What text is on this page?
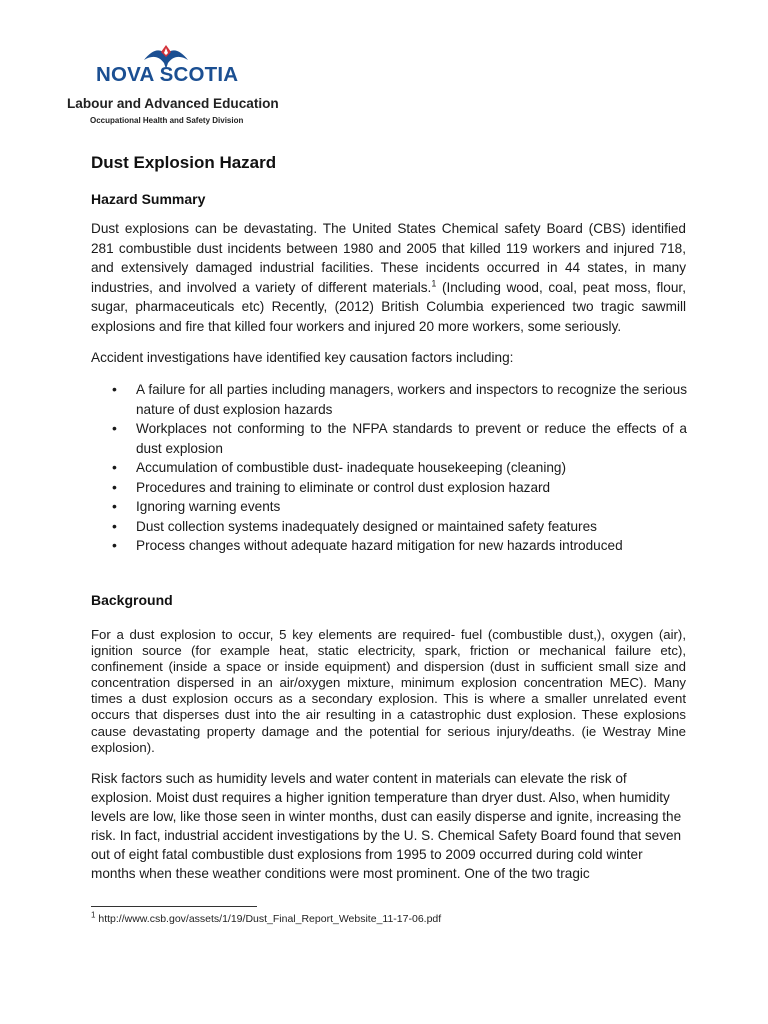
NOVA SCOTIA
Labour and Advanced Education
Occupational Health and Safety Division
Dust Explosion Hazard
Hazard Summary

Dust explosions can be devastating. The United States Chemical safety Board (CBS) identified 281 combustible dust incidents between 1980 and 2005 that killed 119 workers and injured 718, and extensively damaged industrial facilities. These incidents occurred in 44 states, in many industries, and involved a variety of different materials.$^1$ (Including wood, coal, peat moss, flour, sugar, pharmaceuticals etc) Recently, (2012) British Columbia experienced two tragic sawmill explosions and fire that killed four workers and injured 20 more workers, some seriously.

Accident investigations have identified key causation factors including:

• A failure for all parties including managers, workers and inspectors to recognize the serious nature of dust explosion hazards
• Workplaces not conforming to the NFPA standards to prevent or reduce the effects of a dust explosion
• Accumulation of combustible dust- inadequate housekeeping (cleaning)
• Procedures and training to eliminate or control dust explosion hazard
• Ignoring warning events
• Dust collection systems inadequately designed or maintained safety features
• Process changes without adequate hazard mitigation for new hazards introduced
Background

For a dust explosion to occur, 5 key elements are required- fuel (combustible dust,), oxygen (air), ignition source (for example heat, static electricity, spark, friction or mechanical failure etc), confinement (inside a space or inside equipment) and dispersion (dust in sufficient small size and concentration dispersed in an air/oxygen mixture, minimum explosion concentration MEC). Many times a dust explosion occurs as a secondary explosion. This is where a smaller unrelated event occurs that disperses dust into the air resulting in a catastrophic dust explosion. These explosions cause devastating property damage and the potential for serious injury/deaths. (ie Westray Mine explosion).

Risk factors such as humidity levels and water content in materials can elevate the risk of explosion. Moist dust requires a higher ignition temperature than dryer dust. Also, when humidity levels are low, like those seen in winter months, dust can easily disperse and ignite, increasing the risk. In fact, industrial accident investigations by the U. S. Chemical Safety Board found that seven out of eight fatal combustible dust explosions from 1995 to 2009 occurred during cold winter months when these weather conditions were most prominent. One of the two tragic

$^1$ http://www.csb.gov/assets/1/19/Dust_Final_Report_Website_11-17-06.pdf
